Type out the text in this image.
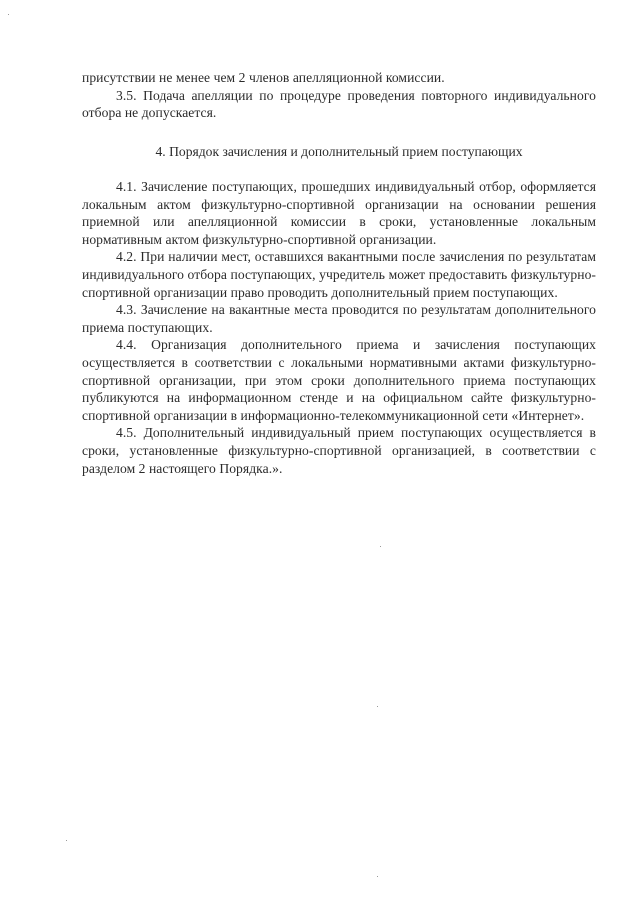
присутствии не менее чем 2 членов апелляционной комиссии.

3.5. Подача апелляции по процедуре проведения повторного индивидуального отбора не допускается.

4. Порядок зачисления и дополнительный прием поступающих

4.1. Зачисление поступающих, прошедших индивидуальный отбор, оформляется локальным актом физкультурно-спортивной организации на основании решения приемной или апелляционной комиссии в сроки, установленные локальным нормативным актом физкультурно-спортивной организации.

4.2. При наличии мест, оставшихся вакантными после зачисления по результатам индивидуального отбора поступающих, учредитель может предоставить физкультурно-спортивной организации право проводить дополнительный прием поступающих.

4.3. Зачисление на вакантные места проводится по результатам дополнительного приема поступающих.

4.4. Организация дополнительного приема и зачисления поступающих осуществляется в соответствии с локальными нормативными актами физкультурно-спортивной организации, при этом сроки дополнительного приема поступающих публикуются на информационном стенде и на официальном сайте физкультурно-спортивной организации в информационно-телекоммуникационной сети «Интернет».

4.5. Дополнительный индивидуальный прием поступающих осуществляется в сроки, установленные физкультурно-спортивной организацией, в соответствии с разделом 2 настоящего Порядка.».
